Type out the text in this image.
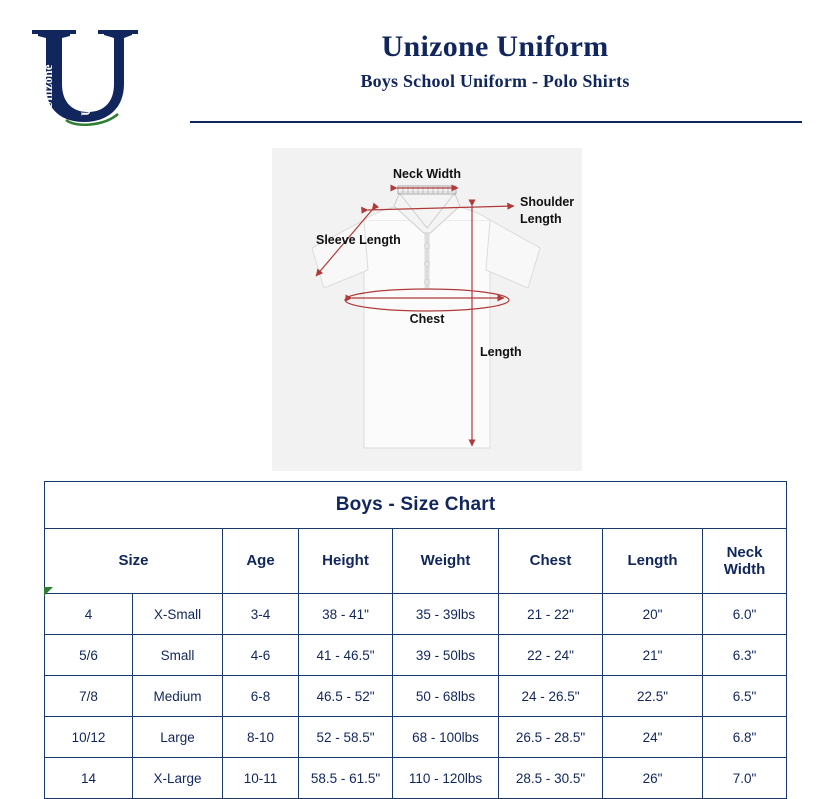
Unizone Uniforms
Unizone Uniform
Boys School Uniform - Polo Shirts
Neck Width
Shoulder
Length
Sleeve Length
Chest
Length
Boys - Size Chart							
Size		Age	Height	Weight	Chest	Length	Neck
Width
4	X-Small	3-4	38 - 41"	35 - 39lbs	21 - 22"	20"	6.0"
5/6	Small	4-6	41 - 46.5"	39 - 50lbs	22 - 24"	21"	6.3"
7/8	Medium	6-8	46.5 - 52"	50 - 68lbs	24 - 26.5"	22.5"	6.5"
10/12	Large	8-10	52 - 58.5"	68 - 100lbs	26.5 - 28.5"	24"	6.8"
14	X-Large	10-11	58.5 - 61.5"	110 - 120lbs	28.5 - 30.5"	26"	7.0"
